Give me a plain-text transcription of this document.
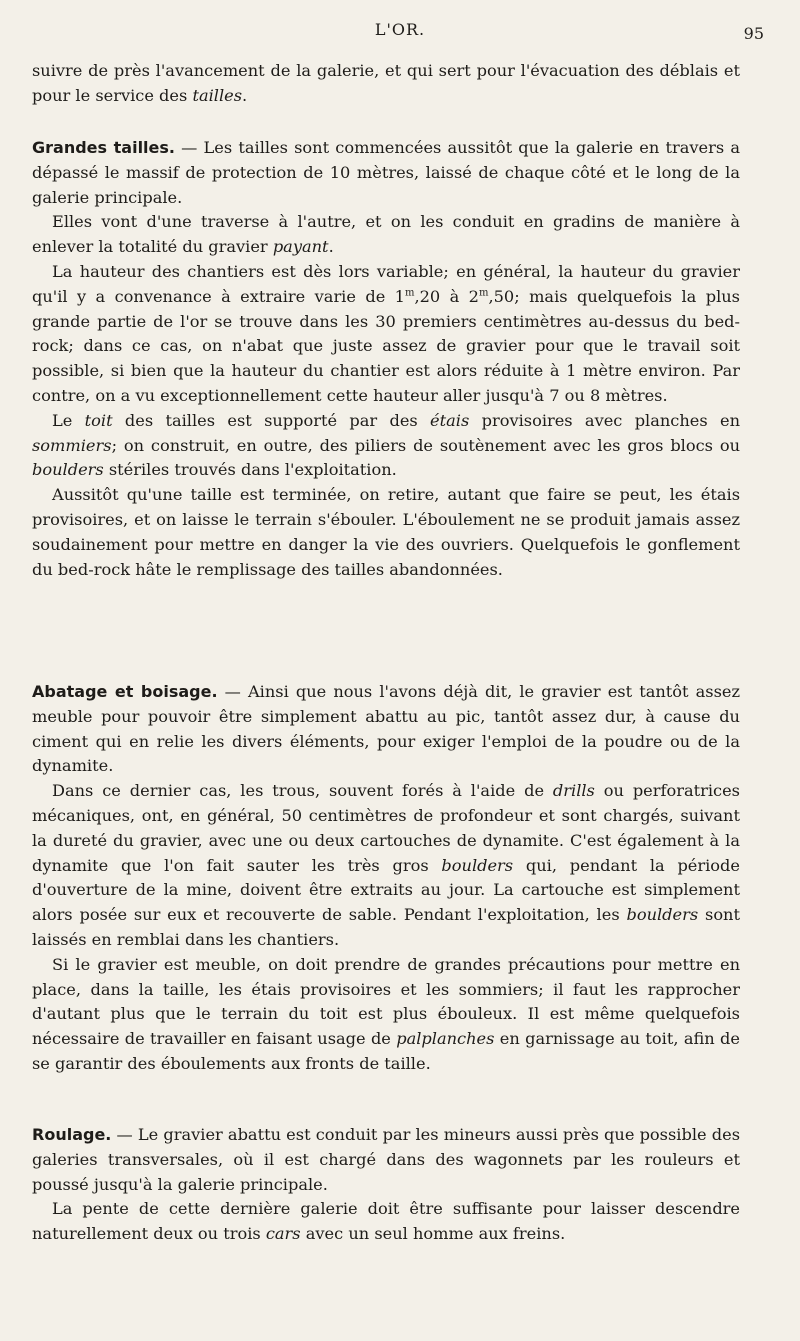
L'OR.	95

suivre de près l'avancement de la galerie, et qui sert pour l'évacuation des déblais et pour le service des tailles.

Grandes tailles. — Les tailles sont commencées aussitôt que la galerie en travers a dépassé le massif de protection de 10 mètres, laissé de chaque côté et le long de la galerie principale.

Elles vont d'une traverse à l'autre, et on les conduit en gradins de manière à enlever la totalité du gravier payant.

La hauteur des chantiers est dès lors variable; en général, la hauteur du gravier qu'il y a convenance à extraire varie de 1$^m$,20 à 2$^m$,50; mais quelquefois la plus grande partie de l'or se trouve dans les 30 premiers centimètres au-dessus du bed-rock; dans ce cas, on n'abat que juste assez de gravier pour que le travail soit possible, si bien que la hauteur du chantier est alors réduite à 1 mètre environ. Par contre, on a vu exceptionnellement cette hauteur aller jusqu'à 7 ou 8 mètres.

Le toit des tailles est supporté par des étais provisoires avec planches en sommiers; on construit, en outre, des piliers de soutènement avec les gros blocs ou boulders stériles trouvés dans l'exploitation.

Aussitôt qu'une taille est terminée, on retire, autant que faire se peut, les étais provisoires, et on laisse le terrain s'ébouler. L'éboulement ne se produit jamais assez soudainement pour mettre en danger la vie des ouvriers. Quelquefois le gonflement du bed-rock hâte le remplissage des tailles abandonnées.

Abatage et boisage. — Ainsi que nous l'avons déjà dit, le gravier est tantôt assez meuble pour pouvoir être simplement abattu au pic, tantôt assez dur, à cause du ciment qui en relie les divers éléments, pour exiger l'emploi de la poudre ou de la dynamite.

Dans ce dernier cas, les trous, souvent forés à l'aide de drills ou perforatrices mécaniques, ont, en général, 50 centimètres de profondeur et sont chargés, suivant la dureté du gravier, avec une ou deux cartouches de dynamite. C'est également à la dynamite que l'on fait sauter les très gros boulders qui, pendant la période d'ouverture de la mine, doivent être extraits au jour. La cartouche est simplement alors posée sur eux et recouverte de sable. Pendant l'exploitation, les boulders sont laissés en remblai dans les chantiers.

Si le gravier est meuble, on doit prendre de grandes précautions pour mettre en place, dans la taille, les étais provisoires et les sommiers; il faut les rapprocher d'autant plus que le terrain du toit est plus ébouleux. Il est même quelquefois nécessaire de travailler en faisant usage de palplanches en garnissage au toit, afin de se garantir des éboulements aux fronts de taille.

Roulage. — Le gravier abattu est conduit par les mineurs aussi près que possible des galeries transversales, où il est chargé dans des wagonnets par les rouleurs et poussé jusqu'à la galerie principale.

La pente de cette dernière galerie doit être suffisante pour laisser descendre naturellement deux ou trois cars avec un seul homme aux freins.
